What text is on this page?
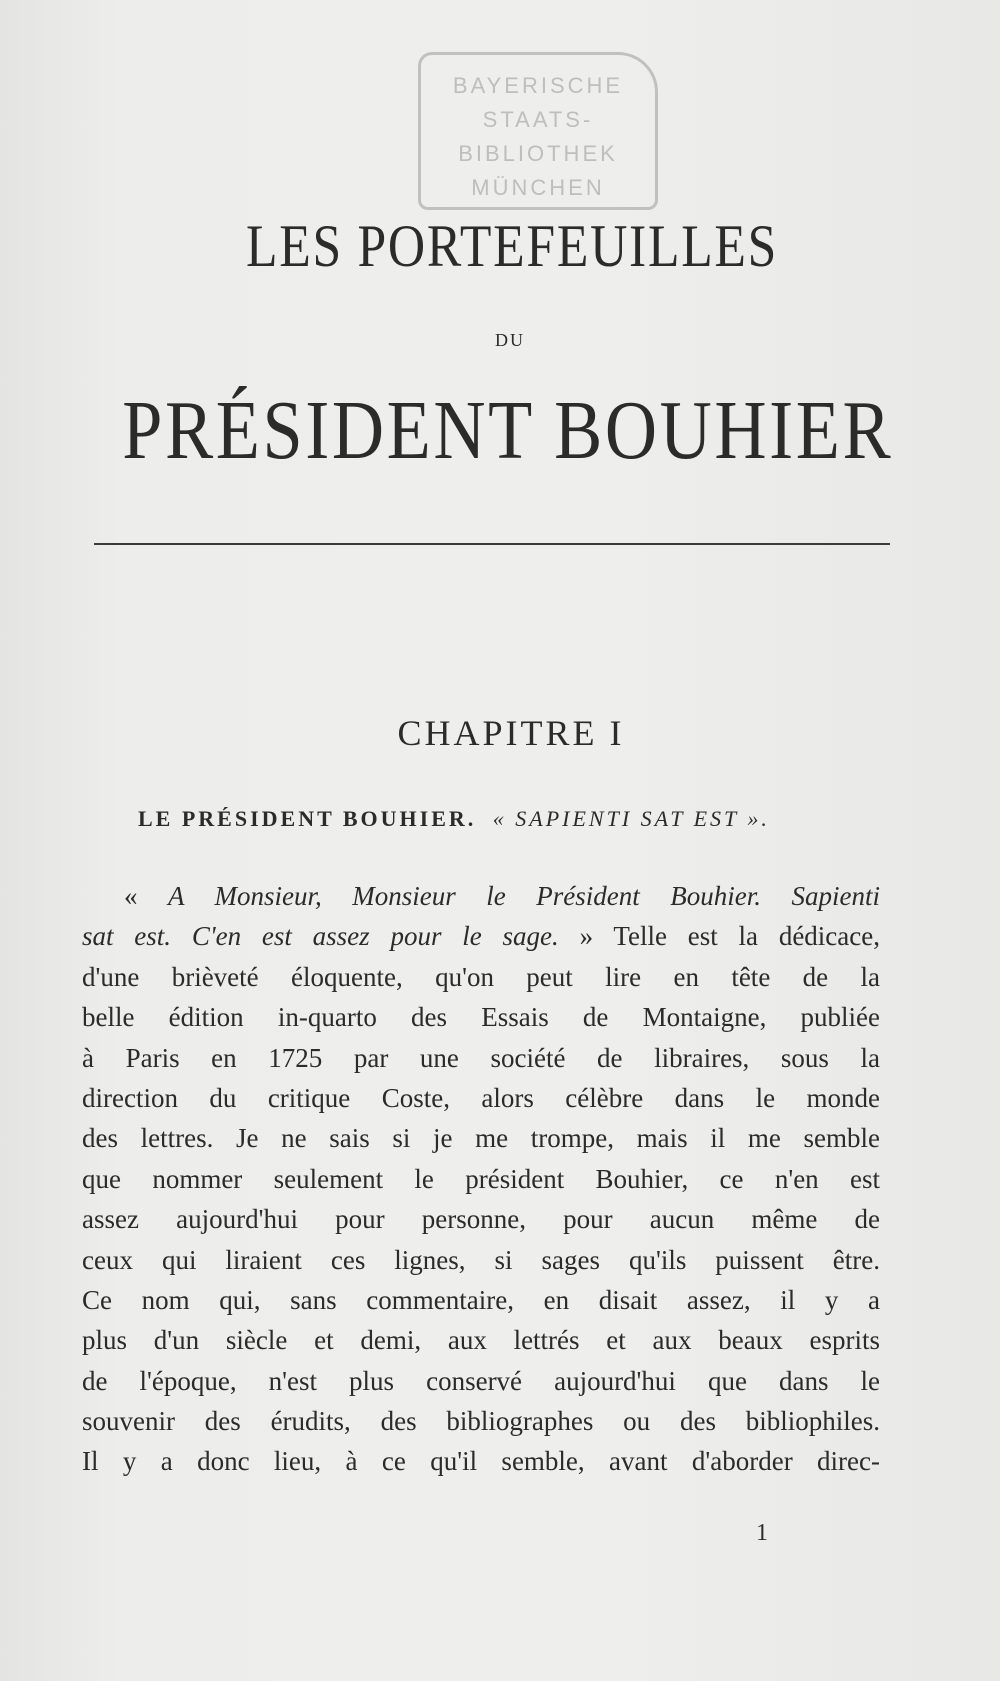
BAYERISCHE
STAATS-
BIBLIOTHEK
MÜNCHEN
LES PORTEFEUILLES
DU
PRÉSIDENT BOUHIER
CHAPITRE I
LE PRÉSIDENT BOUHIER. « SAPIENTI SAT EST ».
« A Monsieur, Monsieur le Président Bouhier. Sapienti
sat est. C'en est assez pour le sage. » Telle est la dédicace,
d'une brièveté éloquente, qu'on peut lire en tête de la
belle édition in-quarto des Essais de Montaigne, publiée
à Paris en 1725 par une société de libraires, sous la
direction du critique Coste, alors célèbre dans le monde
des lettres. Je ne sais si je me trompe, mais il me semble
que nommer seulement le président Bouhier, ce n'en est
assez aujourd'hui pour personne, pour aucun même de
ceux qui liraient ces lignes, si sages qu'ils puissent être.
Ce nom qui, sans commentaire, en disait assez, il y a
plus d'un siècle et demi, aux lettrés et aux beaux esprits
de l'époque, n'est plus conservé aujourd'hui que dans le
souvenir des érudits, des bibliographes ou des bibliophiles.
Il y a donc lieu, à ce qu'il semble, avant d'aborder direc-
1
